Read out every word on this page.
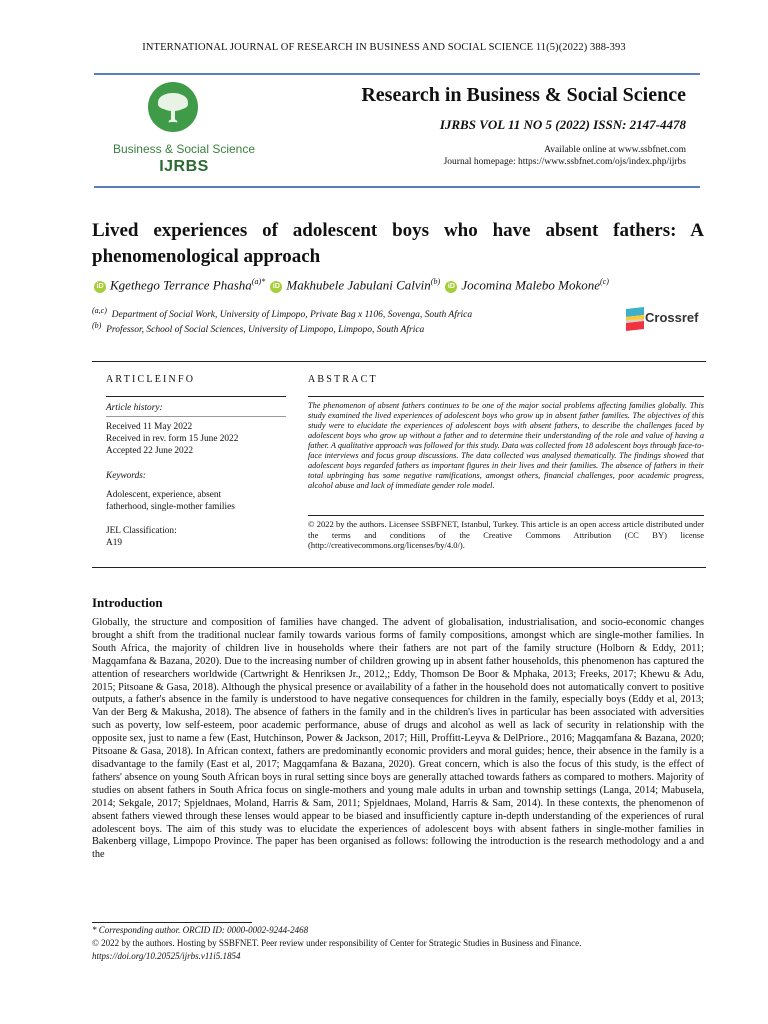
INTERNATIONAL JOURNAL OF RESEARCH IN BUSINESS AND SOCIAL SCIENCE 11(5)(2022) 388-393
Business & Social Science
IJRBS
Research in Business & Social Science
IJRBS VOL 11 NO 5 (2022) ISSN: 2147-4478
Available online at www.ssbfnet.com
Journal homepage: https://www.ssbfnet.com/ojs/index.php/ijrbs
Lived experiences of adolescent boys who have absent fathers: A phenomenological approach
iD Kgethego Terrance Phasha$^{(a)*}$ iD Makhubele Jabulani Calvin$^{(b)}$ iD Jocomina Malebo Mokone$^{(c)}$
$^{(a,c)}$ Department of Social Work, University of Limpopo, Private Bag x 1106, Sovenga, South Africa
$^{(b)}$ Professor, School of Social Sciences, University of Limpopo, Limpopo, South Africa
Crossref
ARTICLEINFO	ABSTRACT
Article history:
Received 11 May 2022
Received in rev. form 15 June 2022
Accepted 22 June 2022
Keywords:
Adolescent, experience, absent
fatherhood, single-mother families
JEL Classification:
A19
The phenomenon of absent fathers continues to be one of the major social problems affecting families globally. This study examined the lived experiences of adolescent boys who grow up in absent father families. The objectives of this study were to elucidate the experiences of adolescent boys with absent fathers, to describe the challenges faced by adolescent boys who grow up without a father and to determine their understanding of the role and value of having a father. A qualitative approach was followed for this study. Data was collected from 18 adolescent boys through face-to-face interviews and focus group discussions. The data collected was analysed thematically. The findings showed that adolescent boys regarded fathers as important figures in their lives and their families. The absence of fathers in their total upbringing has some negative ramifications, amongst others, financial challenges, poor academic progress, alcohol abuse and lack of immediate gender role model.
© 2022 by the authors. Licensee SSBFNET, Istanbul, Turkey. This article is an open access article distributed under the terms and conditions of the Creative Commons Attribution (CC BY) license (http://creativecommons.org/licenses/by/4.0/).
Introduction
Globally, the structure and composition of families have changed. The advent of globalisation, industrialisation, and socio-economic changes brought a shift from the traditional nuclear family towards various forms of family compositions, amongst which are single-mother families. In South Africa, the majority of children live in households where their fathers are not part of the family structure (Holborn & Eddy, 2011; Magqamfana & Bazana, 2020). Due to the increasing number of children growing up in absent father households, this phenomenon has captured the attention of researchers worldwide (Cartwright & Henriksen Jr., 2012,; Eddy, Thomson De Boor & Mphaka, 2013; Freeks, 2017; Khewu & Adu, 2015; Pitsoane & Gasa, 2018). Although the physical presence or availability of a father in the household does not automatically convert to positive outputs, a father's absence in the family is understood to have negative consequences for children in the family, especially boys (Eddy et al, 2013; Van der Berg & Makusha, 2018). The absence of fathers in the family and in the children's lives in particular has been associated with adversities such as poverty, low self-esteem, poor academic performance, abuse of drugs and alcohol as well as lack of security in relationship with the opposite sex, just to name a few (East, Hutchinson, Power & Jackson, 2017; Hill, Proffitt-Leyva & DelPriore., 2016; Magqamfana & Bazana, 2020; Pitsoane & Gasa, 2018). In African context, fathers are predominantly economic providers and moral guides; hence, their absence in the family is a disadvantage to the family (East et al, 2017; Magqamfana & Bazana, 2020). Great concern, which is also the focus of this study, is the effect of fathers' absence on young South African boys in rural setting since boys are generally attached towards fathers as compared to mothers. Majority of studies on absent fathers in South Africa focus on single-mothers and young male adults in urban and township settings (Langa, 2014; Mabusela, 2014; Sekgale, 2017; Spjeldnaes, Moland, Harris & Sam, 2011; Spjeldnaes, Moland, Harris & Sam, 2014). In these contexts, the phenomenon of absent fathers viewed through these lenses would appear to be biased and insufficiently capture in-depth understanding of the experiences of rural adolescent boys. The aim of this study was to elucidate the experiences of adolescent boys with absent fathers in single-mother families in Bakenberg village, Limpopo Province. The paper has been organised as follows: following the introduction is the research methodology and a and the
* Corresponding author. ORCID ID: 0000-0002-9244-2468
© 2022 by the authors. Hosting by SSBFNET. Peer review under responsibility of Center for Strategic Studies in Business and Finance.
https://doi.org/10.20525/ijrbs.v11i5.1854
